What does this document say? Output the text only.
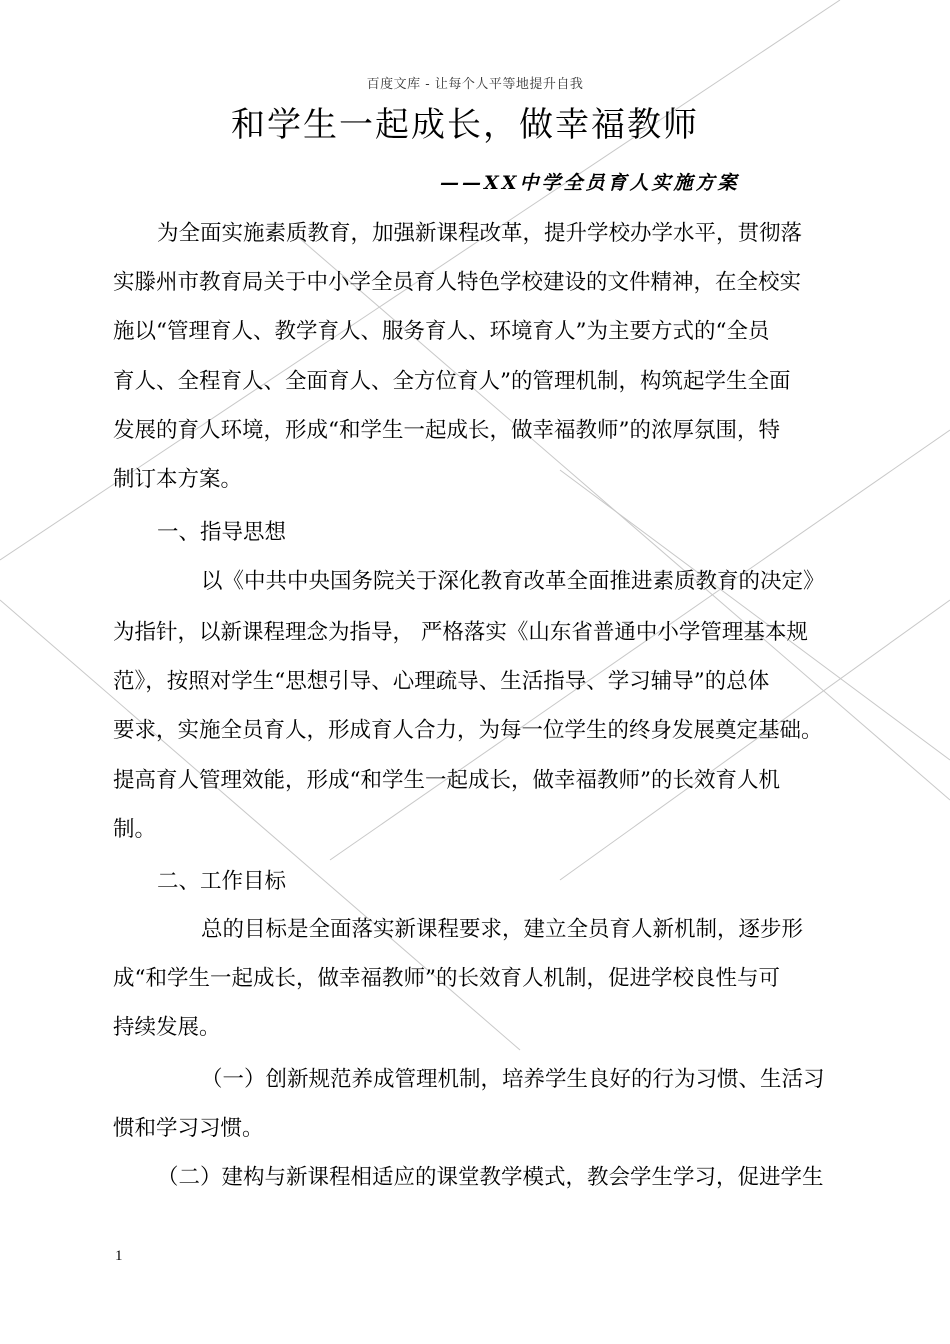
百度文库 - 让每个人平等地提升自我
和学生一起成长，做幸福教师
——XX中学全员育人实施方案
为全面实施素质教育，加强新课程改革，提升学校办学水平，贯彻落
实滕州市教育局关于中小学全员育人特色学校建设的文件精神，在全校实
施以“管理育人、教学育人、服务育人、环境育人”为主要方式的“全员
育人、全程育人、全面育人、全方位育人”的管理机制，构筑起学生全面
发展的育人环境，形成“和学生一起成长，做幸福教师”的浓厚氛围，特
制订本方案。
一、指导思想
以《中共中央国务院关于深化教育改革全面推进素质教育的决定》
为指针，以新课程理念为指导， 严格落实《山东省普通中小学管理基本规
范》，按照对学生“思想引导、心理疏导、生活指导、学习辅导”的总体
要求，实施全员育人，形成育人合力，为每一位学生的终身发展奠定基础。
提高育人管理效能，形成“和学生一起成长，做幸福教师”的长效育人机
制。
二、工作目标
总的目标是全面落实新课程要求，建立全员育人新机制，逐步形
成“和学生一起成长，做幸福教师”的长效育人机制，促进学校良性与可
持续发展。
（一）创新规范养成管理机制，培养学生良好的行为习惯、生活习
惯和学习习惯。
（二）建构与新课程相适应的课堂教学模式，教会学生学习，促进学生
1
